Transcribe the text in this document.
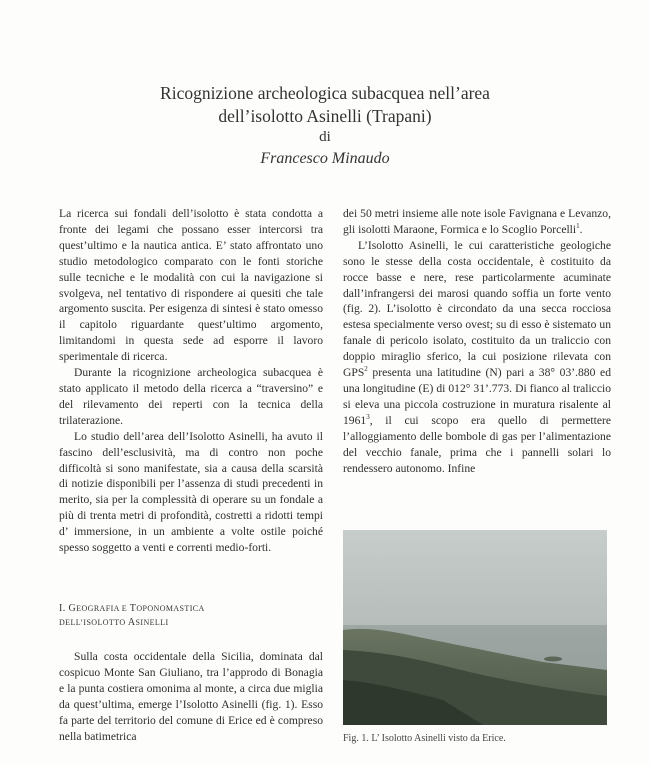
Ricognizione archeologica subacquea nell’area
dell’isolotto Asinelli (Trapani)
di
Francesco Minaudo

La ricerca sui fondali dell’isolotto è stata condotta a fronte dei legami che possano esser intercorsi tra quest’ultimo e la nautica antica. E’ stato affrontato uno studio metodologico comparato con le fonti storiche sulle tecniche e le modalità con cui la navigazione si svolgeva, nel tentativo di rispondere ai quesiti che tale argomento suscita. Per esigenza di sintesi è stato omesso il capitolo riguardante quest’ultimo argomento, limitandomi in questa sede ad esporre il lavoro sperimentale di ricerca.

Durante la ricognizione archeologica subacquea è stato applicato il metodo della ricerca a “traversino” e del rilevamento dei reperti con la tecnica della trilaterazione.

Lo studio dell’area dell’Isolotto Asinelli, ha avuto il fascino dell’esclusività, ma di contro non poche difficoltà si sono manifestate, sia a causa della scarsità di notizie disponibili per l’assenza di studi precedenti in merito, sia per la complessità di operare su un fondale a più di trenta metri di profondità, costretti a ridotti tempi d’ immersione, in un ambiente a volte ostile poiché spesso soggetto a venti e correnti medio-forti.

I. GEOGRAFIA E TOPONOMASTICA
DELL’ISOLOTTO ASINELLI

Sulla costa occidentale della Sicilia, dominata dal cospicuo Monte San Giuliano, tra l’approdo di Bonagia e la punta costiera omonima al monte, a circa due miglia da quest’ultima, emerge l’Isolotto Asinelli (fig. 1). Esso fa parte del territorio del comune di Erice ed è compreso nella batimetrica

dei 50 metri insieme alle note isole Favignana e Levanzo, gli isolotti Maraone, Formica e lo Scoglio Porcelli$^1$.

L’Isolotto Asinelli, le cui caratteristiche geologiche sono le stesse della costa occidentale, è costituito da rocce basse e nere, rese particolarmente acuminate dall’infrangersi dei marosi quando soffia un forte vento (fig. 2). L’isolotto è circondato da una secca rocciosa estesa specialmente verso ovest; su di esso è sistemato un fanale di pericolo isolato, costituito da un traliccio con doppio miraglio sferico, la cui posizione rilevata con GPS$^2$ presenta una latitudine (N) pari a 38° 03’.880 ed una longitudine (E) di 012° 31’.773. Di fianco al traliccio si eleva una piccola costruzione in muratura risalente al 1961$^3$, il cui scopo era quello di permettere l’alloggiamento delle bombole di gas per l’alimentazione del vecchio fanale, prima che i pannelli solari lo rendessero autonomo. Infine

Fig. 1. L’ Isolotto Asinelli visto da Erice.
